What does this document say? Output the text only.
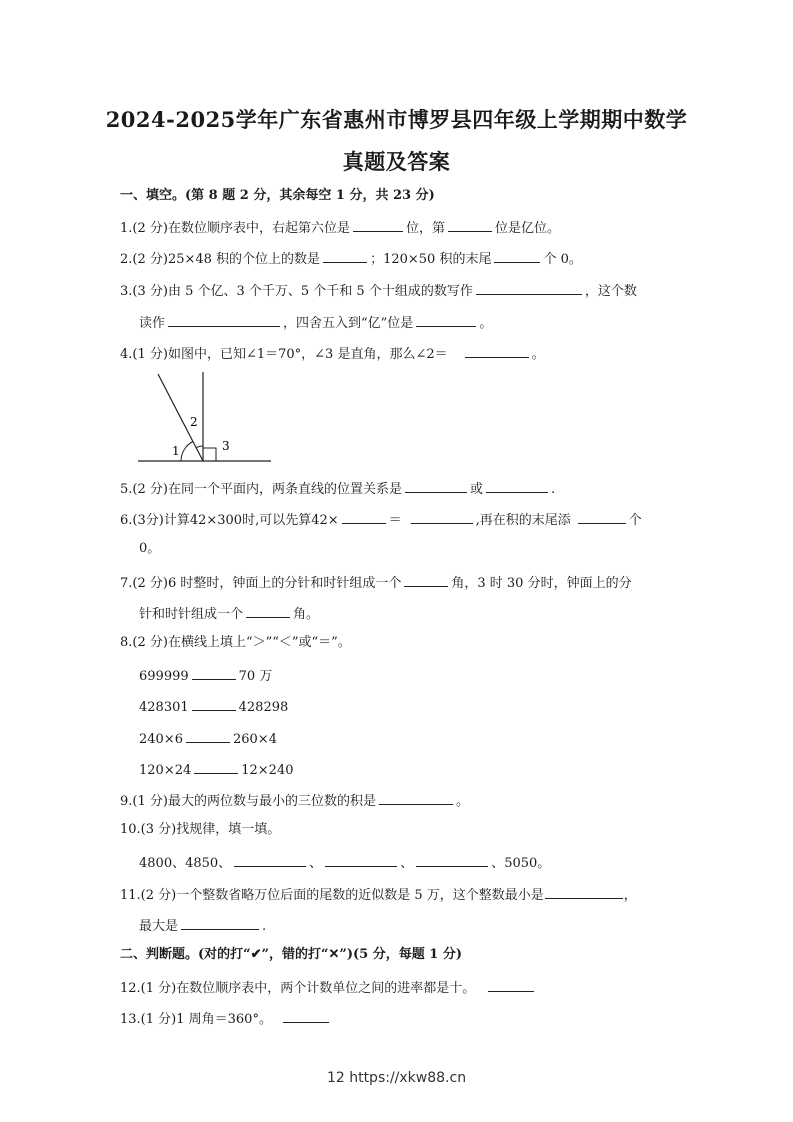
2024-2025学年广东省惠州市博罗县四年级上学期期中数学
真题及答案
一、填空。(第 8 题 2 分，其余每空 1 分，共 23 分)
1.(2 分)在数位顺序表中，右起第六位是	位，第	位是亿位。
2.(2 分)25×48 积的个位上的数是	；120×50 积的末尾	个 0。
3.(3 分)由 5 个亿、3 个千万、5 个千和 5 个十组成的数写作	，这个数
读作	，四舍五入到“亿”位是	。
4.(1 分)如图中，已知∠1＝70°，∠3 是直角，那么∠2＝	。
1
2
3
5.(2 分)在同一个平面内，两条直线的位置关系是	或	.
6.(3分)计算42×300时,可以先算42×	＝	,再在积的末尾添	个
0。
7.(2 分)6 时整时，钟面上的分针和时针组成一个	角，3 时 30 分时，钟面上的分
针和时针组成一个	角。
8.(2 分)在横线上填上“＞”“＜”或“＝”。
699999	70 万
428301	428298
240×6	260×4
120×24	12×240
9.(1 分)最大的两位数与最小的三位数的积是	。
10.(3 分)找规律，填一填。
4800、4850、	、	、	、5050。
11.(2 分)一个整数省略万位后面的尾数的近似数是 5 万，这个整数最小是	，
最大是	.
二、判断题。(对的打“✔”，错的打“✕”)(5 分，每题 1 分)
12.(1 分)在数位顺序表中，两个计数单位之间的进率都是十。
13.(1 分)1 周角＝360°。
12 https://xkw88.cn
